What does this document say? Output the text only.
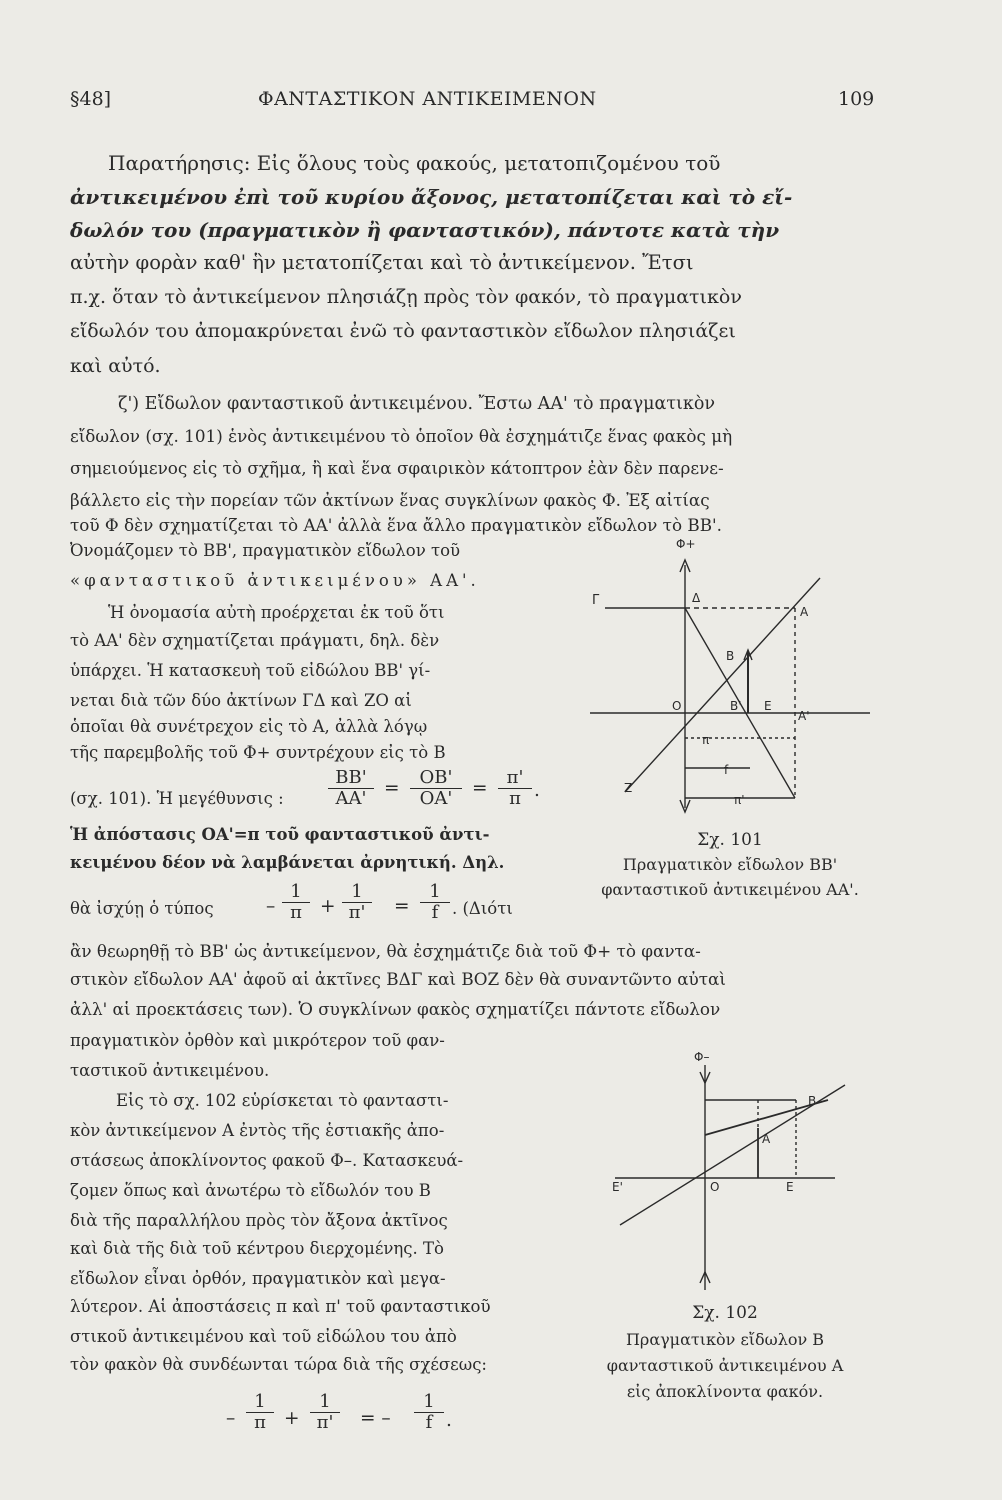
§48]	ΦΑΝΤΑΣΤΙΚΟΝ ΑΝΤΙΚΕΙΜΕΝΟΝ	109
Παρατήρησις: Εἰς ὅλους τοὺς φακούς, μετατοπιζομένου τοῦ
ἀντικειμένου ἐπὶ τοῦ κυρίου ἄξονος, μετατοπίζεται καὶ τὸ εἴ-
δωλόν του (πραγματικὸν ἢ φανταστικόν), πάντοτε κατὰ τὴν
αὐτὴν φορὰν καθ' ἣν μετατοπίζεται καὶ τὸ ἀντικείμενον. Ἔτσι
π.χ. ὅταν τὸ ἀντικείμενον πλησιάζῃ πρὸς τὸν φακόν, τὸ πραγματικὸν
εἴδωλόν του ἀπομακρύνεται ἐνῶ τὸ φανταστικὸν εἴδωλον πλησιάζει
καὶ αὐτό.
ζ') Εἴδωλον φανταστικοῦ ἀντικειμένου. Ἔστω ΑΑ' τὸ πραγματικὸν
εἴδωλον (σχ. 101) ἑνὸς ἀντικειμένου τὸ ὁποῖον θὰ ἐσχημάτιζε ἕνας φακὸς μὴ
σημειούμενος εἰς τὸ σχῆμα, ἢ καὶ ἕνα σφαιρικὸν κάτοπτρον ἐὰν δὲν παρενε-
βάλλετο εἰς τὴν πορείαν τῶν ἀκτίνων ἕνας συγκλίνων φακὸς Φ. Ἐξ αἰτίας
τοῦ Φ δὲν σχηματίζεται τὸ ΑΑ' ἀλλὰ ἕνα ἄλλο πραγματικὸν εἴδωλον τὸ ΒΒ'.
Ὀνομάζομεν τὸ ΒΒ', πραγματικὸν εἴδωλον τοῦ
«φανταστικοῦ ἀντικειμένου» ΑΑ'.
Ἡ ὀνομασία αὐτὴ προέρχεται ἐκ τοῦ ὅτι
τὸ ΑΑ' δὲν σχηματίζεται πράγματι, δηλ. δὲν
ὑπάρχει. Ἡ κατασκευὴ τοῦ εἰδώλου ΒΒ' γί-
νεται διὰ τῶν δύο ἀκτίνων ΓΔ καὶ ΖΟ αἱ
ὁποῖαι θὰ συνέτρεχον εἰς τὸ Α, ἀλλὰ λόγῳ
τῆς παρεμβολῆς τοῦ Φ+ συντρέχουν εἰς τὸ Β
(σχ. 101). Ἡ μεγέθυνσις : $\frac{BB'}{AA'} = \frac{OB'}{OA'} = \frac{\pi'}{\pi}$ .
Ἡ ἀπόστασις ΟΑ'=π τοῦ φανταστικοῦ ἀντι-
κειμένου δέον νὰ λαμβάνεται ἀρνητική. Δηλ.
θὰ ἰσχύῃ ὁ τύπος	– $\frac{1}{\pi} + \frac{1}{\pi'} = \frac{1}{f}$ . (Διότι
ἂν θεωρηθῇ τὸ ΒΒ' ὡς ἀντικείμενον, θὰ ἐσχημάτιζε διὰ τοῦ Φ+ τὸ φαντα-
στικὸν εἴδωλον ΑΑ' ἀφοῦ αἱ ἀκτῖνες ΒΔΓ καὶ ΒΟΖ δὲν θὰ συναντῶντο αὐταὶ
ἀλλ' αἱ προεκτάσεις των). Ὁ συγκλίνων φακὸς σχηματίζει πάντοτε εἴδωλον
πραγματικὸν ὀρθὸν καὶ μικρότερον τοῦ φαν-
ταστικοῦ ἀντικειμένου.
Εἰς τὸ σχ. 102 εὑρίσκεται τὸ φανταστι-
κὸν ἀντικείμενον Α ἐντὸς τῆς ἑστιακῆς ἀπο-
στάσεως ἀποκλίνοντος φακοῦ Φ–. Κατασκευά-
ζομεν ὅπως καὶ ἀνωτέρω τὸ εἴδωλόν του Β
διὰ τῆς παραλλήλου πρὸς τὸν ἄξονα ἀκτῖνος
καὶ διὰ τῆς διὰ τοῦ κέντρου διερχομένης. Τὸ
εἴδωλον εἶναι ὀρθόν, πραγματικὸν καὶ μεγα-
λύτερον. Αἱ ἀποστάσεις π καὶ π' τοῦ φανταστικοῦ
στικοῦ ἀντικειμένου καὶ τοῦ εἰδώλου του ἀπὸ
τὸν φακὸν θὰ συνδέωνται τώρα διὰ τῆς σχέσεως:
– $\frac{1}{\pi} + \frac{1}{\pi'}$ = – $\frac{1}{f}$ .
Φ+
Γ	Δ
A
B
O	B' E
A'
Z
π
f
π'
Σχ. 101
Πραγματικὸν εἴδωλον ΒΒ'
φανταστικοῦ ἀντικειμένου ΑΑ'.
Φ–
B
A
E'	O	E
Σχ. 102
Πραγματικὸν εἴδωλον Β
φανταστικοῦ ἀντικειμένου Α
εἰς ἀποκλίνοντα φακόν.
